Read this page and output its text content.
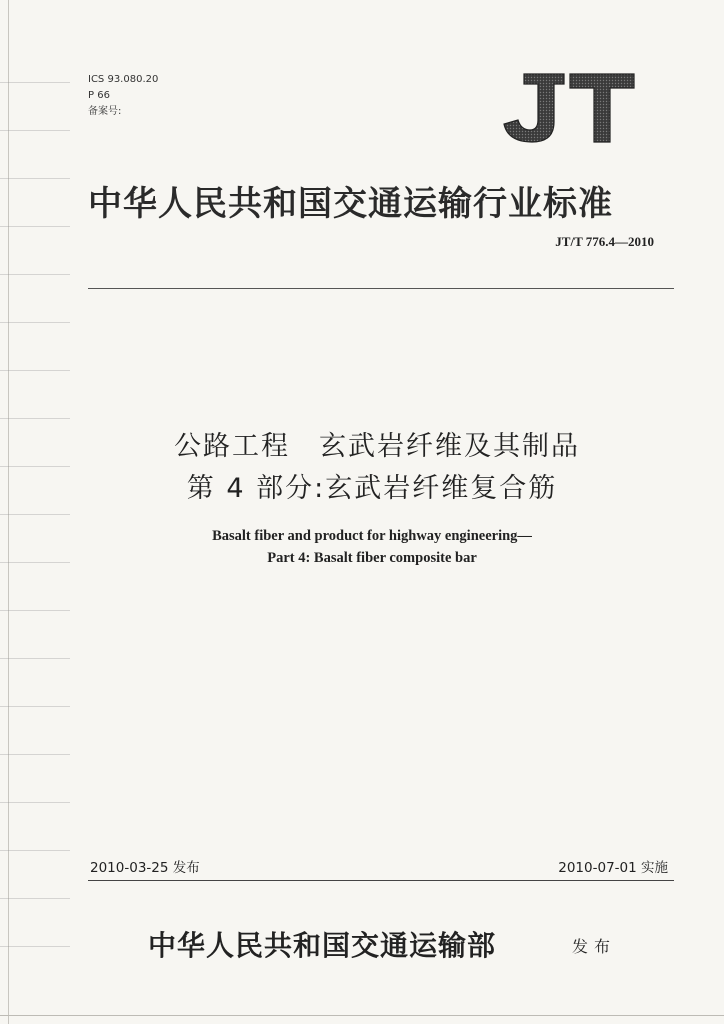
ICS 93.080.20
P 66
备案号:
中华人民共和国交通运输行业标准
JT/T 776.4—2010
公路工程　玄武岩纤维及其制品
第 4 部分:玄武岩纤维复合筋
Basalt fiber and product for highway engineering—
Part 4: Basalt fiber composite bar
2010-03-25 发布	2010-07-01 实施
中华人民共和国交通运输部	发布
